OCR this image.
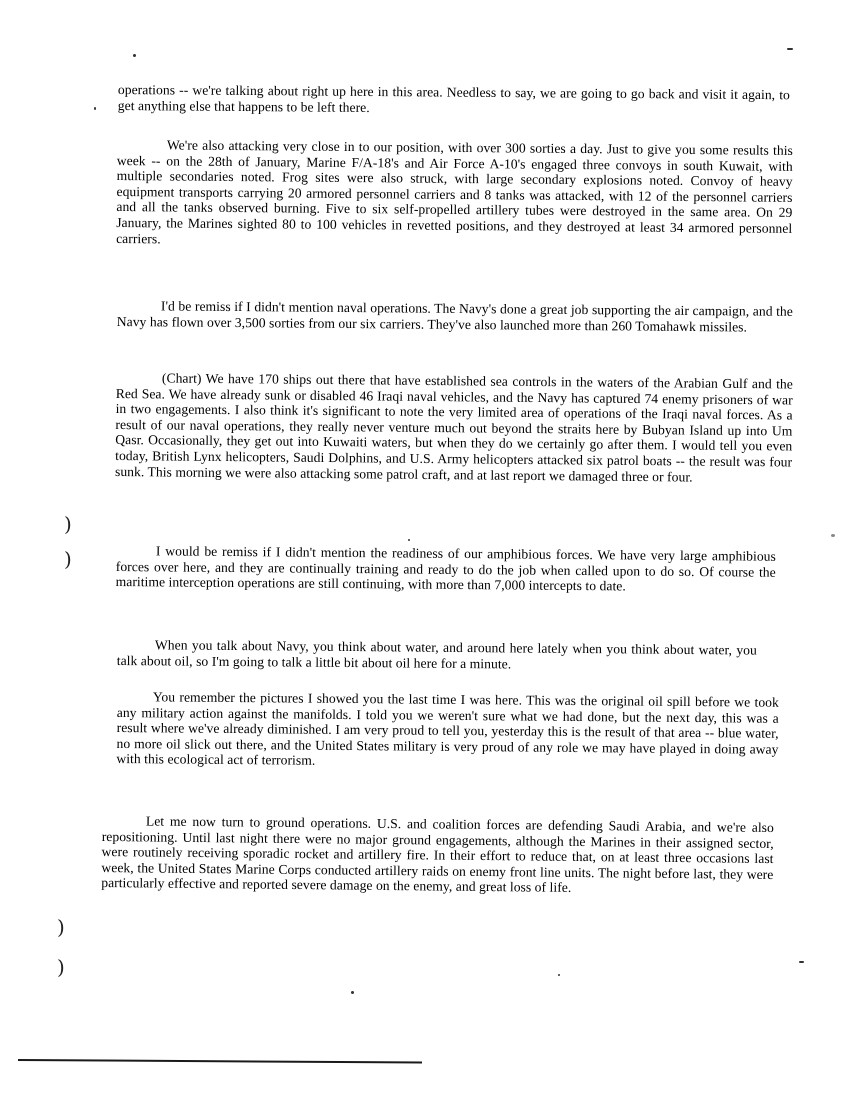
operations -- we're talking about right up here in this area. Needless to say, we are going to go back and visit it again, to get anything else that happens to be left there.

We're also attacking very close in to our position, with over 300 sorties a day. Just to give you some results this week -- on the 28th of January, Marine F/A-18's and Air Force A-10's engaged three convoys in south Kuwait, with multiple secondaries noted. Frog sites were also struck, with large secondary explosions noted. Convoy of heavy equipment transports carrying 20 armored personnel carriers and 8 tanks was attacked, with 12 of the personnel carriers and all the tanks observed burning. Five to six self-propelled artillery tubes were destroyed in the same area. On 29 January, the Marines sighted 80 to 100 vehicles in revetted positions, and they destroyed at least 34 armored personnel carriers.

I'd be remiss if I didn't mention naval operations. The Navy's done a great job supporting the air campaign, and the Navy has flown over 3,500 sorties from our six carriers. They've also launched more than 260 Tomahawk missiles.

(Chart) We have 170 ships out there that have established sea controls in the waters of the Arabian Gulf and the Red Sea. We have already sunk or disabled 46 Iraqi naval vehicles, and the Navy has captured 74 enemy prisoners of war in two engagements. I also think it's significant to note the very limited area of operations of the Iraqi naval forces. As a result of our naval operations, they really never venture much out beyond the straits here by Bubyan Island up into Um Qasr. Occasionally, they get out into Kuwaiti waters, but when they do we certainly go after them. I would tell you even today, British Lynx helicopters, Saudi Dolphins, and U.S. Army helicopters attacked six patrol boats -- the result was four sunk. This morning we were also attacking some patrol craft, and at last report we damaged three or four.

I would be remiss if I didn't mention the readiness of our amphibious forces. We have very large amphibious forces over here, and they are continually training and ready to do the job when called upon to do so. Of course the maritime interception operations are still continuing, with more than 7,000 intercepts to date.

When you talk about Navy, you think about water, and around here lately when you think about water, you talk about oil, so I'm going to talk a little bit about oil here for a minute.

You remember the pictures I showed you the last time I was here. This was the original oil spill before we took any military action against the manifolds. I told you we weren't sure what we had done, but the next day, this was a result where we've already diminished. I am very proud to tell you, yesterday this is the result of that area -- blue water, no more oil slick out there, and the United States military is very proud of any role we may have played in doing away with this ecological act of terrorism.

Let me now turn to ground operations. U.S. and coalition forces are defending Saudi Arabia, and we're also repositioning. Until last night there were no major ground engagements, although the Marines in their assigned sector, were routinely receiving sporadic rocket and artillery fire. In their effort to reduce that, on at least three occasions last week, the United States Marine Corps conducted artillery raids on enemy front line units. The night before last, they were particularly effective and reported severe damage on the enemy, and great loss of life.

)
)
)
)
